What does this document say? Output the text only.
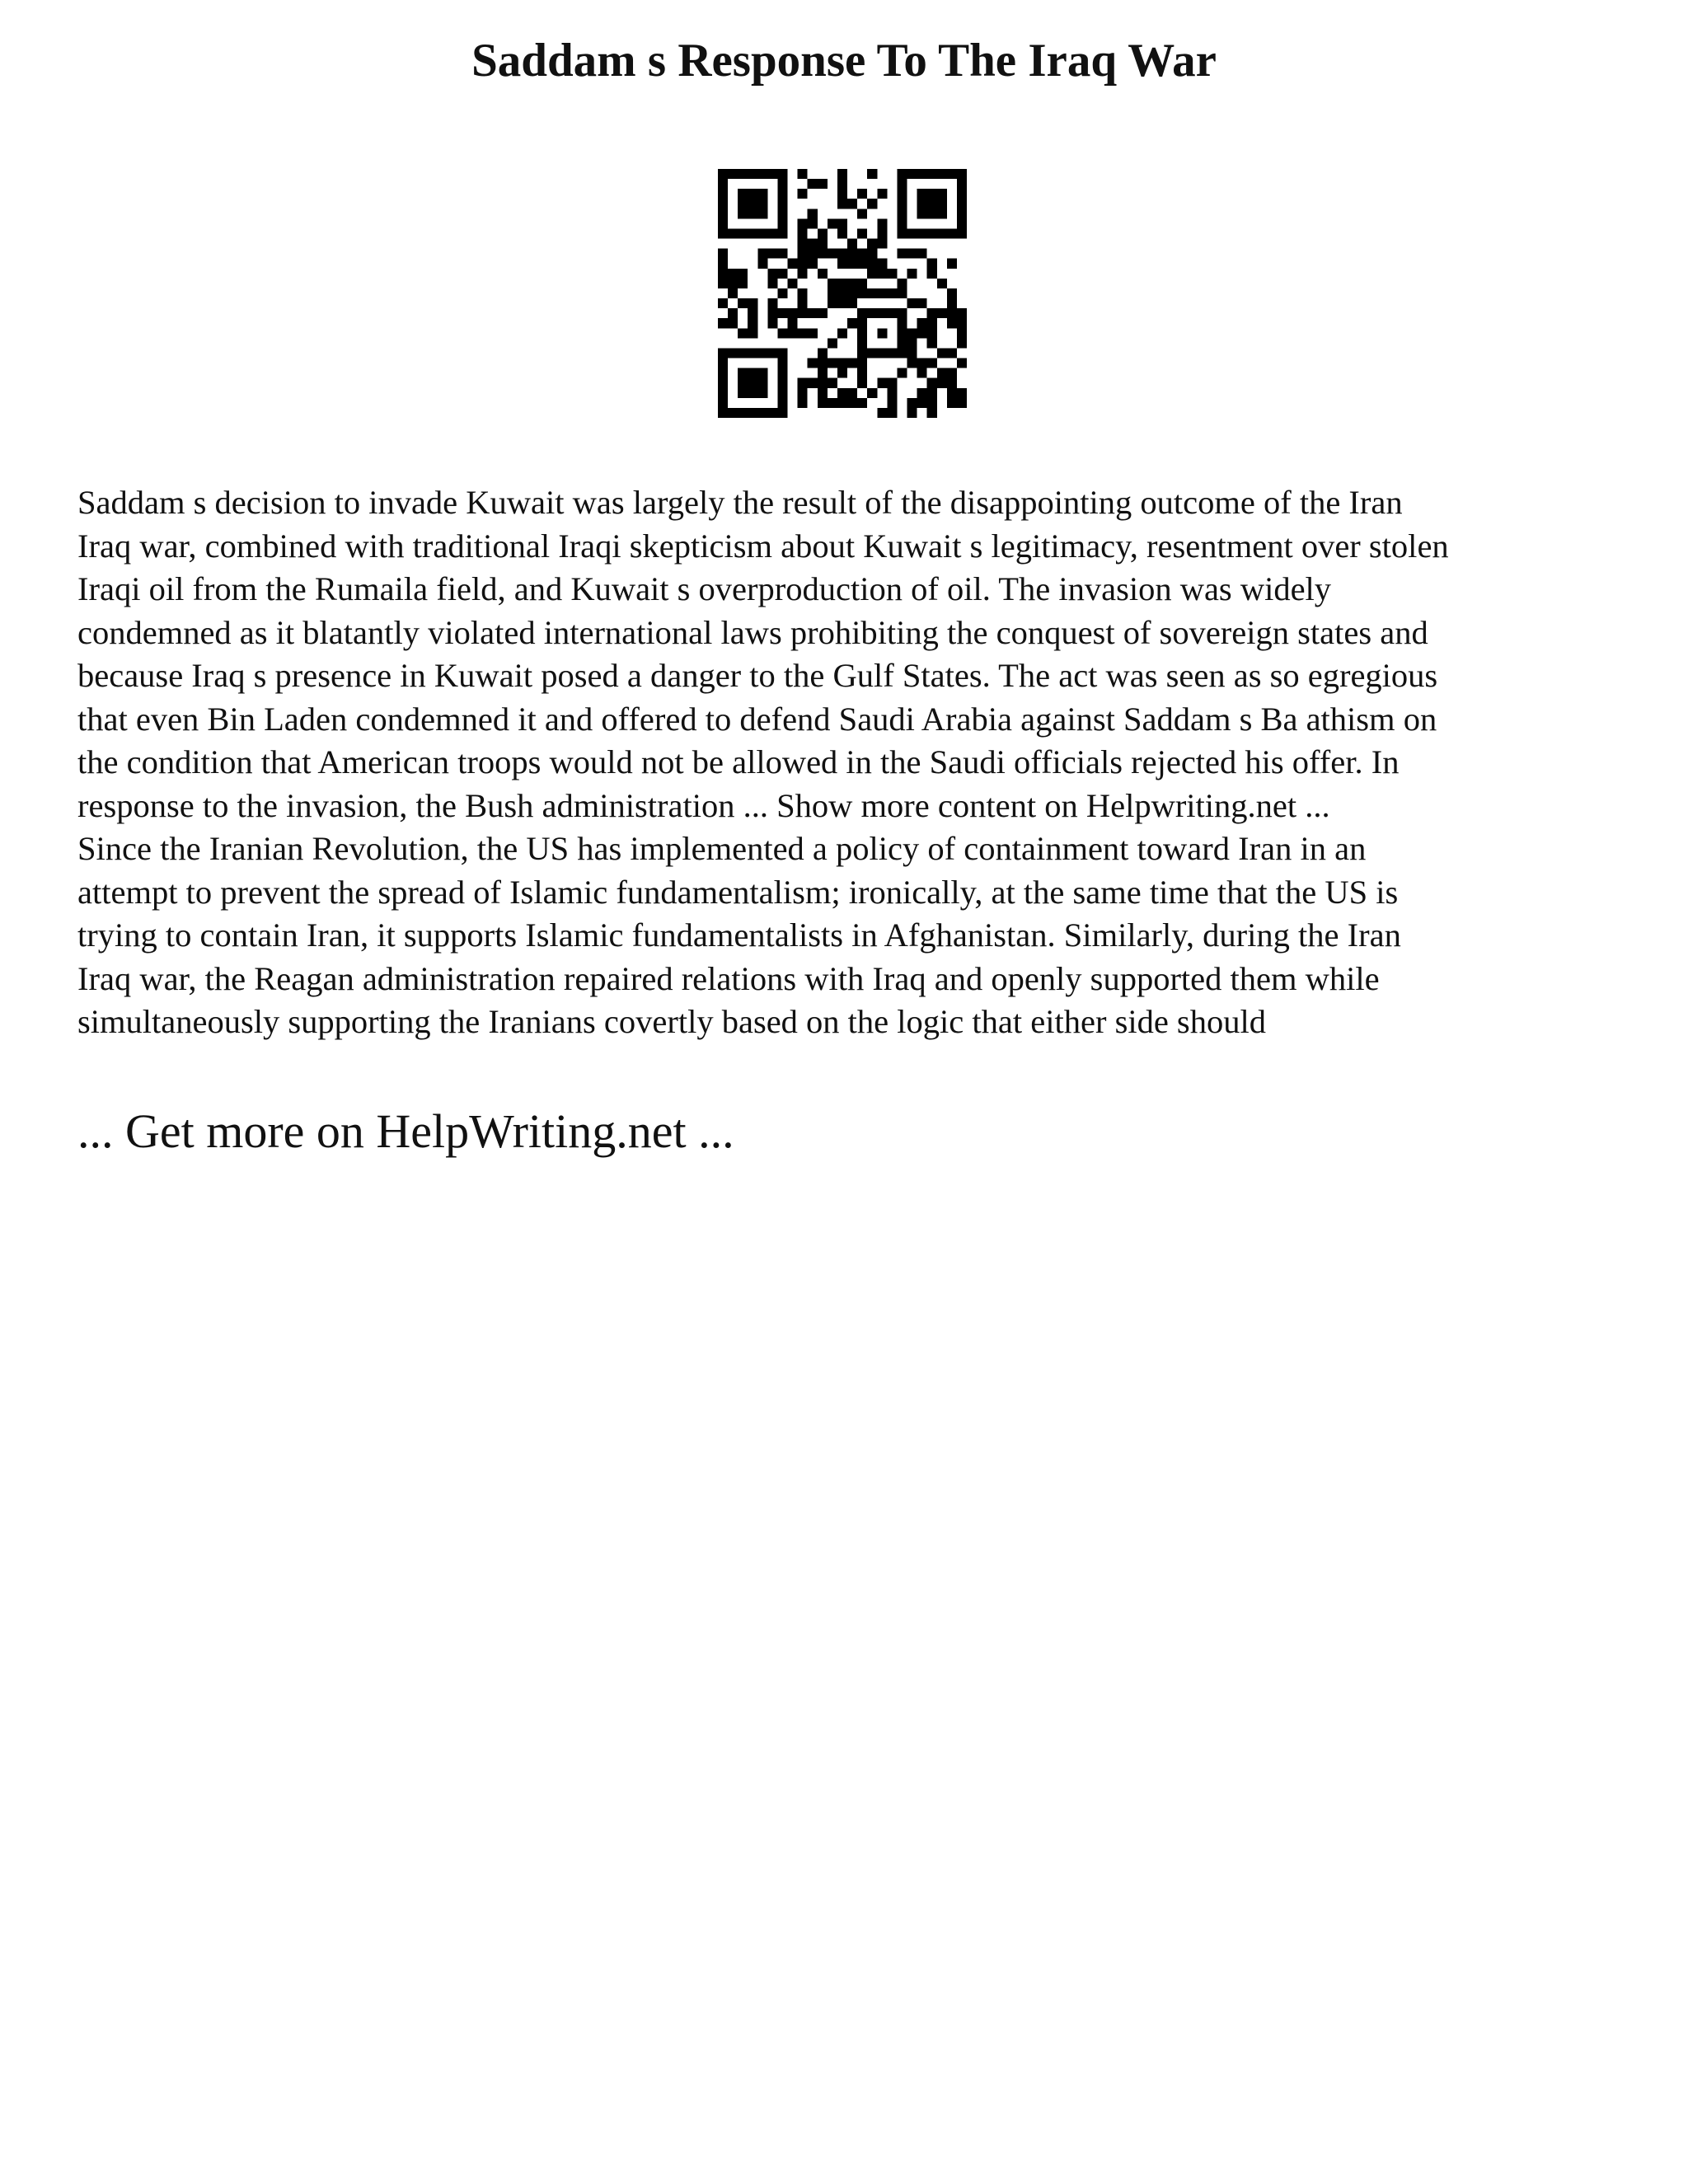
Saddam s Response To The Iraq War

Saddam s decision to invade Kuwait was largely the result of the disappointing outcome of the Iran
Iraq war, combined with traditional Iraqi skepticism about Kuwait s legitimacy, resentment over stolen
Iraqi oil from the Rumaila field, and Kuwait s overproduction of oil. The invasion was widely
condemned as it blatantly violated international laws prohibiting the conquest of sovereign states and
because Iraq s presence in Kuwait posed a danger to the Gulf States. The act was seen as so egregious
that even Bin Laden condemned it and offered to defend Saudi Arabia against Saddam s Ba athism on
the condition that American troops would not be allowed in the Saudi officials rejected his offer. In
response to the invasion, the Bush administration ... Show more content on Helpwriting.net ...
Since the Iranian Revolution, the US has implemented a policy of containment toward Iran in an
attempt to prevent the spread of Islamic fundamentalism; ironically, at the same time that the US is
trying to contain Iran, it supports Islamic fundamentalists in Afghanistan. Similarly, during the Iran
Iraq war, the Reagan administration repaired relations with Iraq and openly supported them while
simultaneously supporting the Iranians covertly based on the logic that either side should

... Get more on HelpWriting.net ...
